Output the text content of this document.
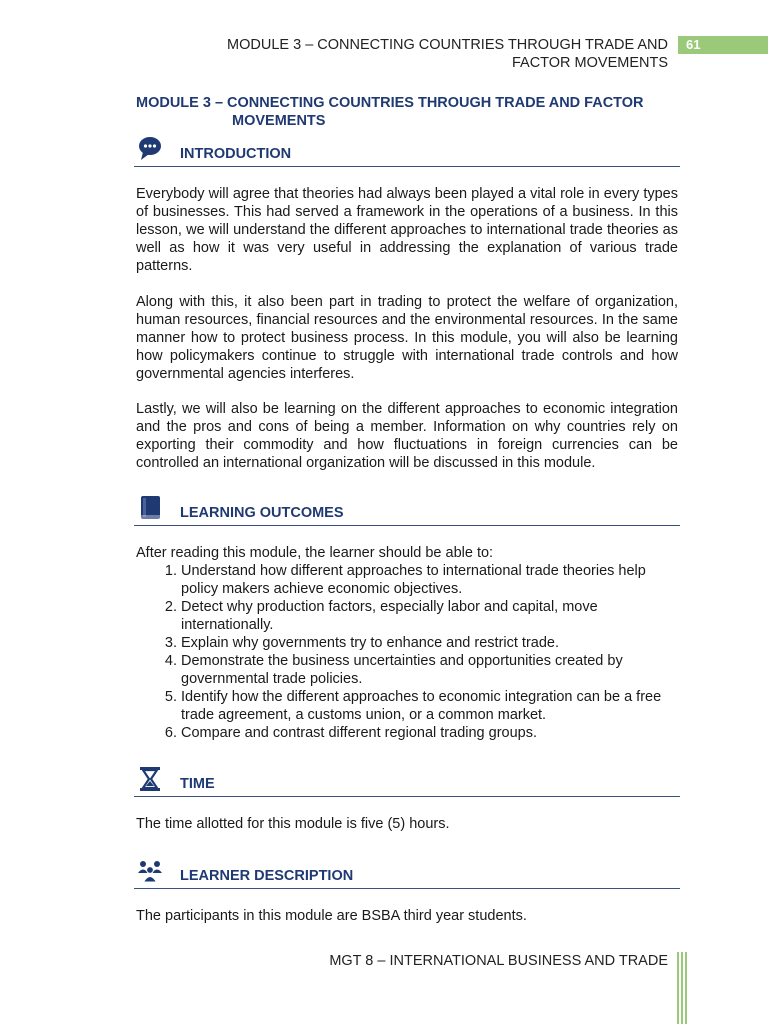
MODULE 3 – CONNECTING COUNTRIES THROUGH TRADE AND
FACTOR MOVEMENTS
61
MODULE 3 – CONNECTING COUNTRIES THROUGH TRADE AND FACTOR
MOVEMENTS
INTRODUCTION

Everybody will agree that theories had always been played a vital role in every types of businesses. This had served a framework in the operations of a business. In this lesson, we will understand the different approaches to international trade theories as well as how it was very useful in addressing the explanation of various trade patterns.

Along with this, it also been part in trading to protect the welfare of organization, human resources, financial resources and the environmental resources. In the same manner how to protect business process. In this module, you will also be learning how policymakers continue to struggle with international trade controls and how governmental agencies interferes.

Lastly, we will also be learning on the different approaches to economic integration and the pros and cons of being a member. Information on why countries rely on exporting their commodity and how fluctuations in foreign currencies can be controlled an international organization will be discussed in this module.

LEARNING OUTCOMES
After reading this module, the learner should be able to:
1. Understand how different approaches to international trade theories help policy makers achieve economic objectives.
2. Detect why production factors, especially labor and capital, move internationally.
3. Explain why governments try to enhance and restrict trade.
4. Demonstrate the business uncertainties and opportunities created by governmental trade policies.
5. Identify how the different approaches to economic integration can be a free trade agreement, a customs union, or a common market.
6. Compare and contrast different regional trading groups.
TIME

The time allotted for this module is five (5) hours.

LEARNER DESCRIPTION

The participants in this module are BSBA third year students.

MGT 8 – INTERNATIONAL BUSINESS AND TRADE
